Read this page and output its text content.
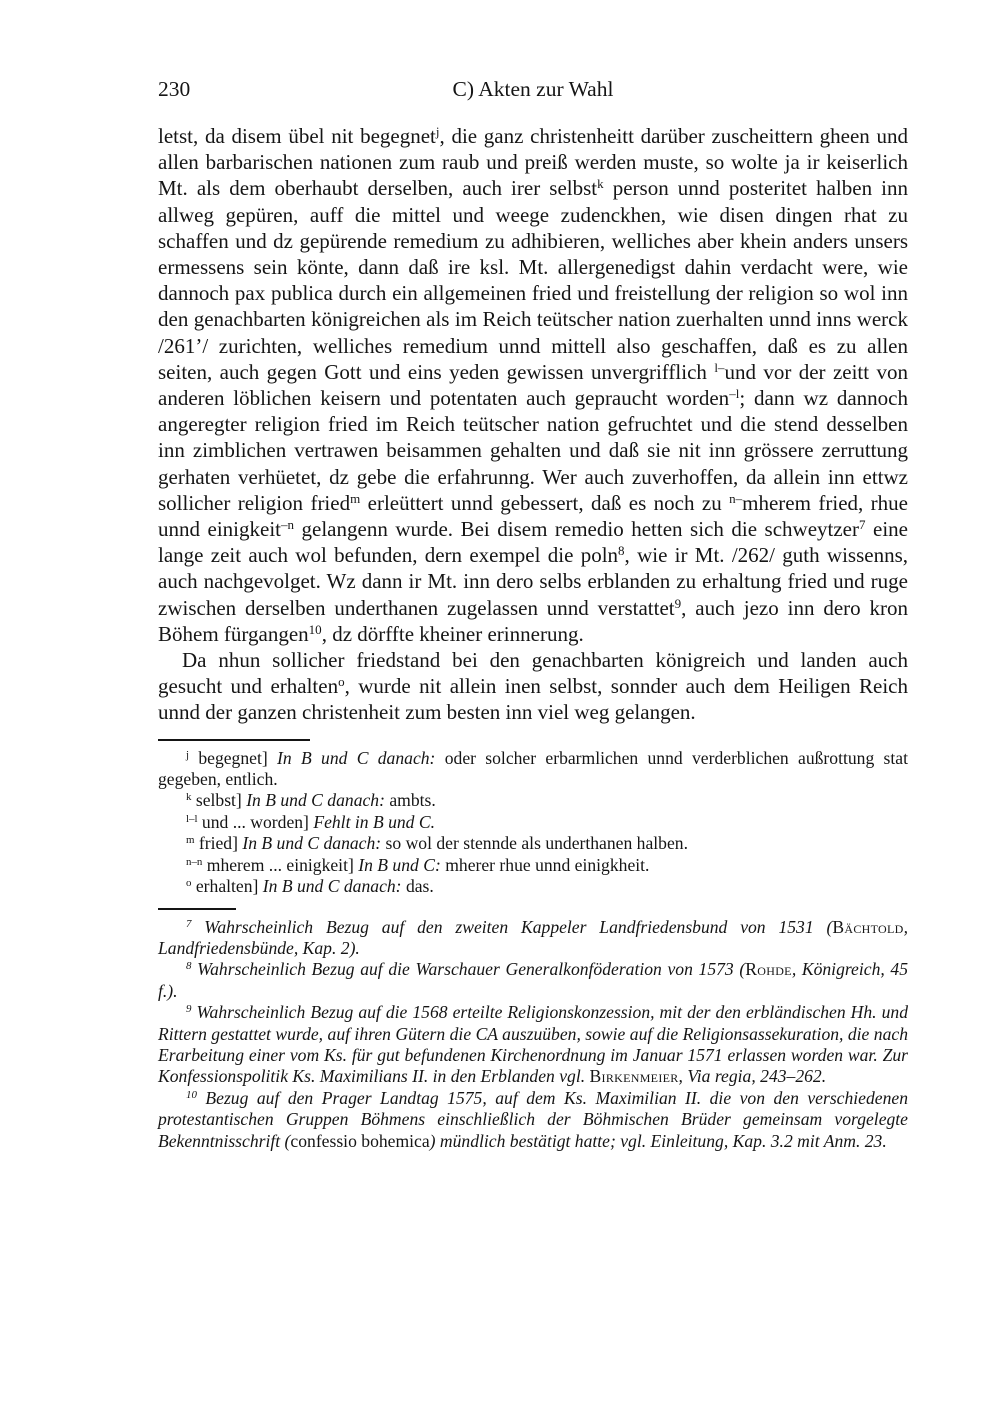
230	C) Akten zur Wahl

letst, da disem übel nit begegnet$^j$, die ganz christenheitt darüber zuscheittern gheen und allen barbarischen nationen zum raub und preiß werden muste, so wolte ja ir keiserlich Mt. als dem oberhaubt derselben, auch irer selbst$^k$ person unnd posteritet halben inn allweg gepüren, auff die mittel und weege zudenckhen, wie disen dingen rhat zu schaffen und dz gepürende remedium zu adhibieren, welliches aber khein anders unsers ermessens sein könte, dann daß ire ksl. Mt. allergenedigst dahin verdacht were, wie dannoch pax publica durch ein allgemeinen fried und freistellung der religion so wol inn den genachbarten königreichen als im Reich teütscher nation zuerhalten unnd inns werck /261’/ zurichten, welliches remedium unnd mittell also geschaffen, daß es zu allen seiten, auch gegen Gott und eins yeden gewissen unvergrifflich $^{l-}$und vor der zeitt von anderen löblichen keisern und potentaten auch gepraucht worden$^{-l}$; dann wz dannoch angeregter religion fried im Reich teütscher nation gefruchtet und die stend desselben inn zimblichen vertrawen beisammen gehalten und daß sie nit inn grössere zerruttung gerhaten verhüetet, dz gebe die erfahrunng. Wer auch zuverhoffen, da allein inn ettwz sollicher religion fried$^m$ erleüttert unnd gebessert, daß es noch zu $^{n-}$mherem fried, rhue unnd einigkeit$^{-n}$ gelangenn wurde. Bei disem remedio hetten sich die schweytzer$^7$ eine lange zeit auch wol befunden, dern exempel die poln$^8$, wie ir Mt. /262/ guth wissenns, auch nachgevolget. Wz dann ir Mt. inn dero selbs erblanden zu erhaltung fried und ruge zwischen derselben underthanen zugelassen unnd verstattet$^9$, auch jezo inn dero kron Böhem fürgangen$^{10}$, dz dörffte kheiner erinnerung.

Da nhun sollicher friedstand bei den genachbarten königreich und landen auch gesucht und erhalten$^o$, wurde nit allein inen selbst, sonnder auch dem Heiligen Reich unnd der ganzen christenheit zum besten inn viel weg gelangen.

$^j$ begegnet] In B und C danach: oder solcher erbarmlichen unnd verderblichen außrottung stat gegeben, entlich.

$^k$ selbst] In B und C danach: ambts.

$^{l-l}$ und ... worden] Fehlt in B und C.

$^m$ fried] In B und C danach: so wol der stennde als underthanen halben.

$^{n-n}$ mherem ... einigkeit] In B und C: mherer rhue unnd einigkheit.

$^o$ erhalten] In B und C danach: das.

$^7$ Wahrscheinlich Bezug auf den zweiten Kappeler Landfriedensbund von 1531 (Bächtold, Landfriedensbünde, Kap. 2).

$^8$ Wahrscheinlich Bezug auf die Warschauer Generalkonföderation von 1573 (Rohde, Königreich, 45 f.).

$^9$ Wahrscheinlich Bezug auf die 1568 erteilte Religionskonzession, mit der den erbländischen Hh. und Rittern gestattet wurde, auf ihren Gütern die CA auszuüben, sowie auf die Religionsassekuration, die nach Erarbeitung einer vom Ks. für gut befundenen Kirchenordnung im Januar 1571 erlassen worden war. Zur Konfessionspolitik Ks. Maximilians II. in den Erblanden vgl. Birkenmeier, Via regia, 243–262.

$^{10}$ Bezug auf den Prager Landtag 1575, auf dem Ks. Maximilian II. die von den verschiedenen protestantischen Gruppen Böhmens einschließlich der Böhmischen Brüder gemeinsam vorgelegte Bekenntnisschrift (confessio bohemica) mündlich bestätigt hatte; vgl. Einleitung, Kap. 3.2 mit Anm. 23.
